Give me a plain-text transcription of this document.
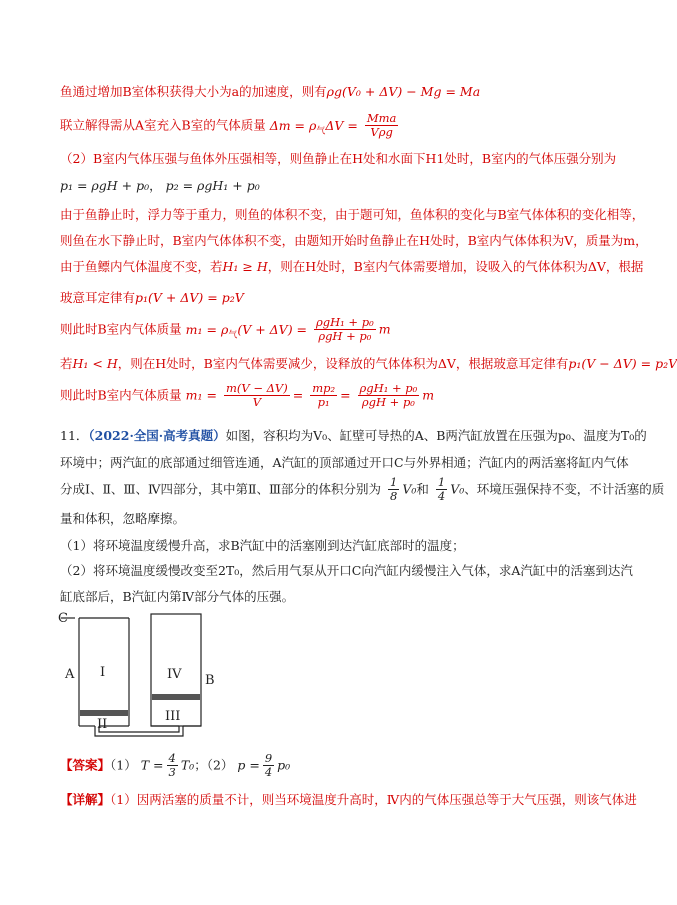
鱼通过增加B室体积获得大小为a的加速度，则有ρg(V₀ + ΔV) − Mg = Ma
联立解得需从A室充入B室的气体质量 $\Delta m = \rho_气\Delta V = \frac{\text{Mma}}{\text{Vρg}}$
（2）B室内气体压强与鱼体外压强相等，则鱼静止在H处和水面下H1处时，B室内的气体压强分别为
p₁ = ρgH + p₀， p₂ = ρgH₁ + p₀
由于鱼静止时，浮力等于重力，则鱼的体积不变，由于题可知，鱼体积的变化与B室气体体积的变化相等，
则鱼在水下静止时，B室内气体体积不变，由题知开始时鱼静止在H处时，B室内气体体积为V，质量为m，
由于鱼鳔内气体温度不变，若H₁ ≥ H，则在H处时，B室内气体需要增加，设吸入的气体体积为ΔV，根据
玻意耳定律有p₁(V + ΔV) = p₂V
则此时B室内气体质量 $m_1 = \rho_气(V + \Delta V) = \frac{\text{ρgH₁ + p₀}}{\text{ρgH + p₀}}$ m
若H₁ < H，则在H处时，B室内气体需要减少，设释放的气体体积为ΔV，根据玻意耳定律有p₁(V − ΔV) = p₂V
则此时B室内气体质量 $m_1 = \frac{m(V - \Delta V)}{V} = \frac{\text{mp₂}}{\text{p₁}} = \frac{\text{ρgH₁ + p₀}}{\text{ρgH + p₀}}$ m
11．（2022·全国·高考真题）如图，容积均为V₀、缸壁可导热的A、B两汽缸放置在压强为p₀、温度为T₀的
环境中；两汽缸的底部通过细管连通，A汽缸的顶部通过开口C与外界相通；汽缸内的两活塞将缸内气体
分成Ⅰ、Ⅱ、Ⅲ、Ⅳ四部分，其中第Ⅱ、Ⅲ部分的体积分别为 $\frac{1}{8} V_0$和 $\frac{1}{4} V_0$、环境压强保持不变，不计活塞的质
量和体积，忽略摩擦。
（1）将环境温度缓慢升高，求B汽缸中的活塞刚到达汽缸底部时的温度；
（2）将环境温度缓慢改变至2T₀，然后用气泵从开口C向汽缸内缓慢注入气体，求A汽缸中的活塞到达汽
缸底部后，B汽缸内第Ⅳ部分气体的压强。
C
A	B
I
II
III
IV
【答案】（1） $T = \frac{4}{3} T_0$；（2） $p = \frac{9}{4} p_0$
【详解】（1）因两活塞的质量不计，则当环境温度升高时，Ⅳ内的气体压强总等于大气压强，则该气体进
